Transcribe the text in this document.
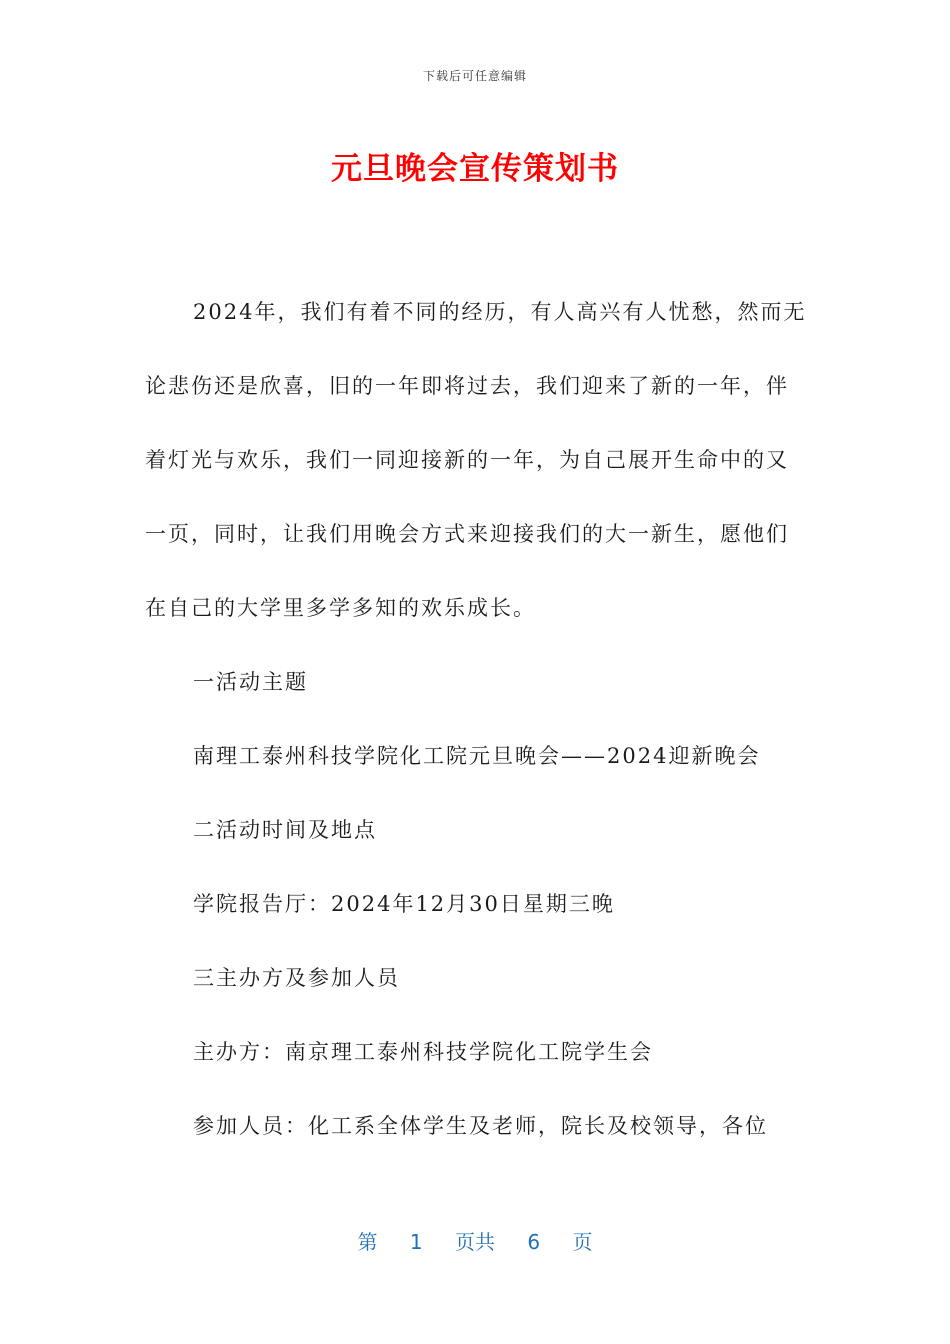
下载后可任意编辑
元旦晚会宣传策划书
2024年，我们有着不同的经历，有人高兴有人忧愁，然而无论悲伤还是欣喜，旧的一年即将过去，我们迎来了新的一年，伴着灯光与欢乐，我们一同迎接新的一年，为自己展开生命中的又一页，同时，让我们用晚会方式来迎接我们的大一新生，愿他们在自己的大学里多学多知的欢乐成长。
一活动主题
南理工泰州科技学院化工院元旦晚会——2024迎新晚会
二活动时间及地点
学院报告厅：2024年12月30日星期三晚
三主办方及参加人员
主办方：南京理工泰州科技学院化工院学生会
参加人员：化工系全体学生及老师，院长及校领导，各位
第 1 页共 6 页
